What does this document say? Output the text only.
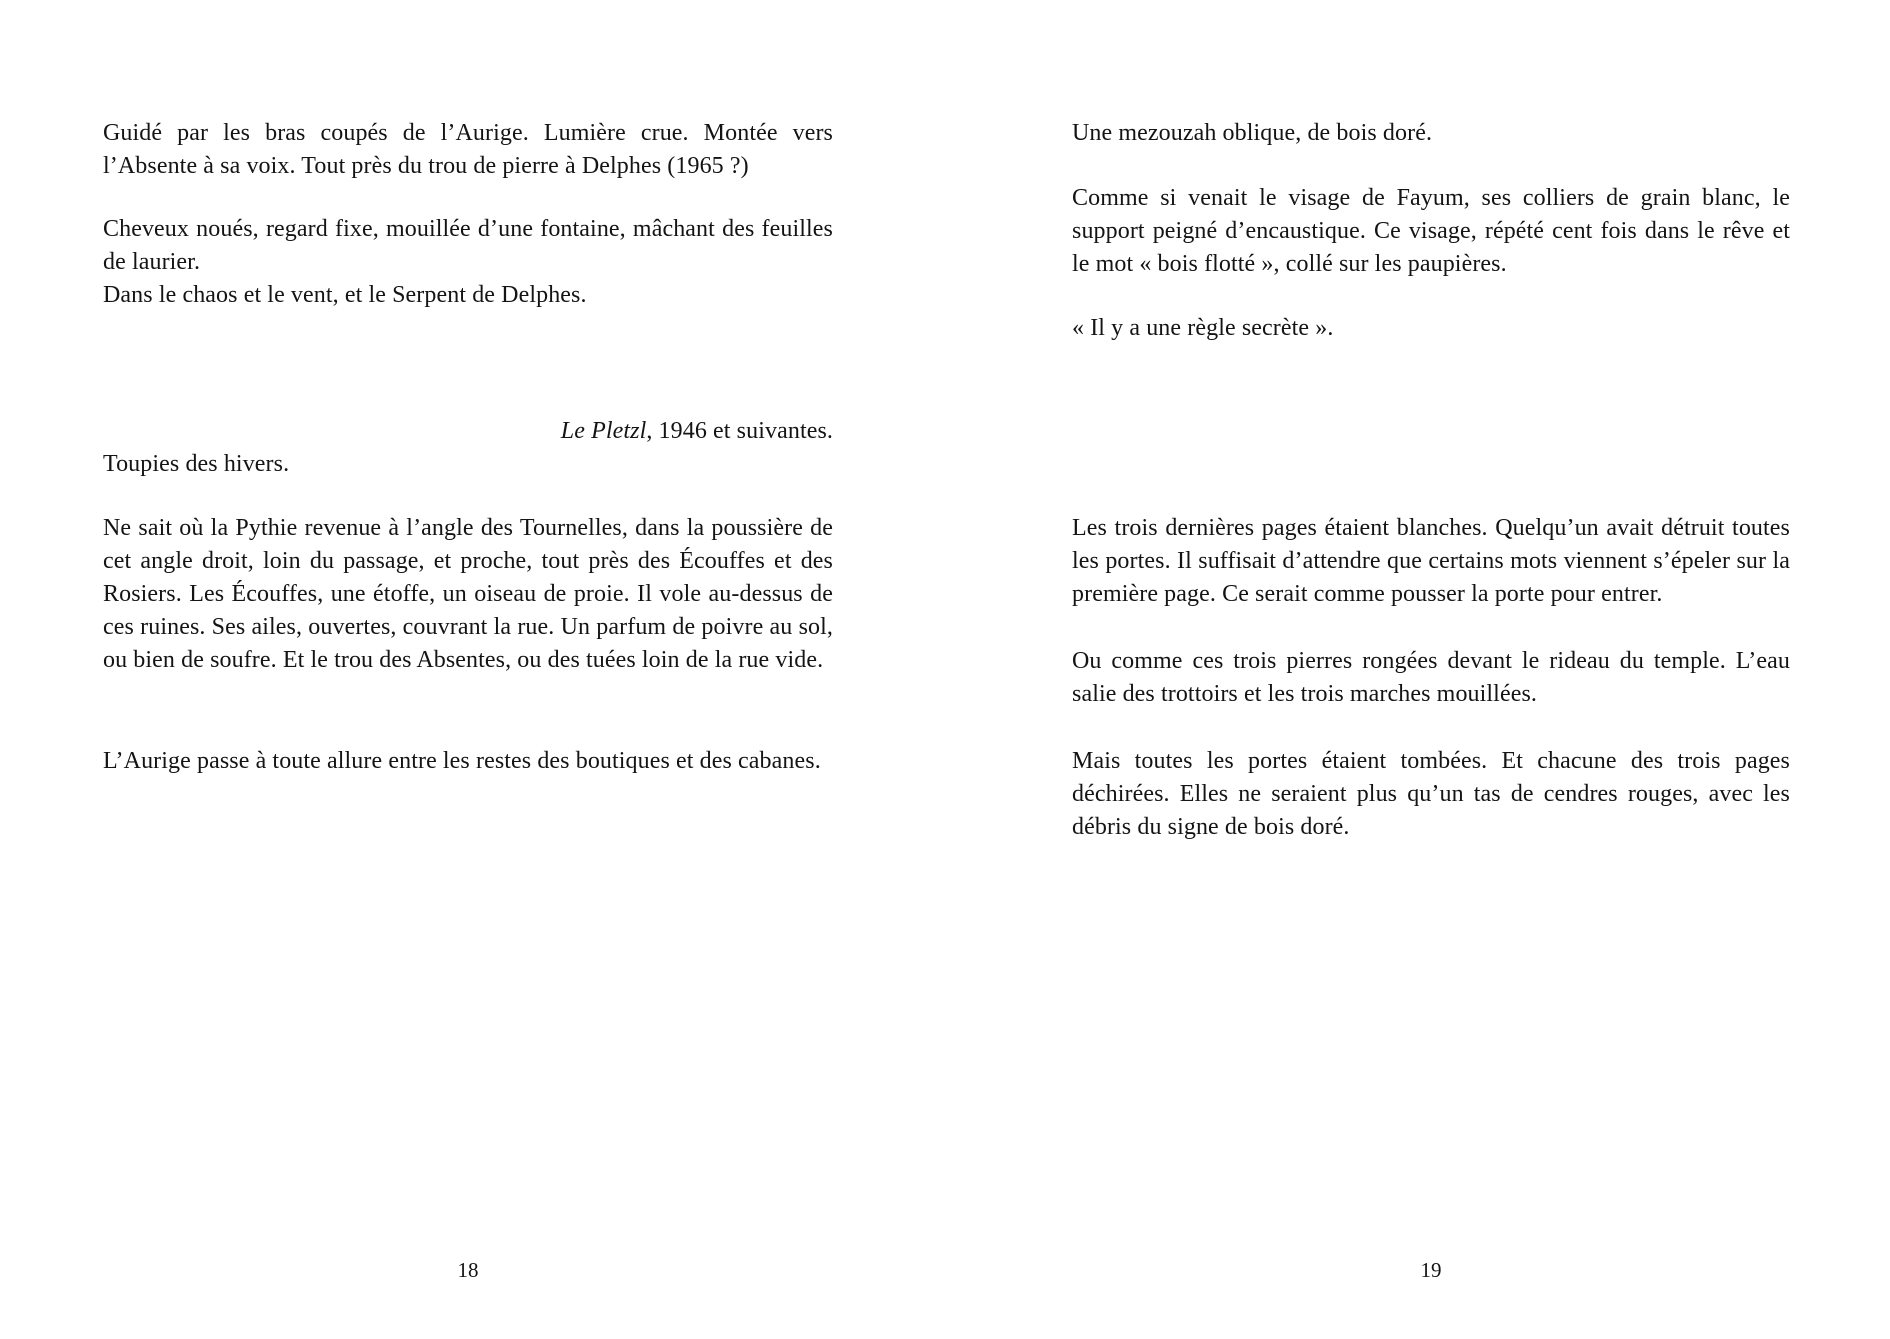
Guidé par les bras coupés de l’Aurige. Lumière crue. Montée vers l’Absente à sa voix. Tout près du trou de pierre à Delphes (1965 ?)
Cheveux noués, regard fixe, mouillée d’une fontaine, mâchant des feuilles de laurier.
Dans le chaos et le vent, et le Serpent de Delphes.
Le Pletzl, 1946 et suivantes.
Toupies des hivers.
Ne sait où la Pythie revenue à l’angle des Tournelles, dans la poussière de cet angle droit, loin du passage, et proche, tout près des Écouffes et des Rosiers. Les Écouffes, une étoffe, un oiseau de proie. Il vole au-dessus de ces ruines. Ses ailes, ouvertes, couvrant la rue. Un parfum de poivre au sol, ou bien de soufre. Et le trou des Absentes, ou des tuées loin de la rue vide.
L’Aurige passe à toute allure entre les restes des boutiques et des cabanes.
18
Une mezouzah oblique, de bois doré.
Comme si venait le visage de Fayum, ses colliers de grain blanc, le support peigné d’encaustique. Ce visage, répété cent fois dans le rêve et le mot « bois flotté », collé sur les paupières.
« Il y a une règle secrète ».
Les trois dernières pages étaient blanches. Quelqu’un avait détruit toutes les portes. Il suffisait d’attendre que certains mots viennent s’épeler sur la première page. Ce serait comme pousser la porte pour entrer.
Ou comme ces trois pierres rongées devant le rideau du temple. L’eau salie des trottoirs et les trois marches mouillées.
Mais toutes les portes étaient tombées. Et chacune des trois pages déchirées. Elles ne seraient plus qu’un tas de cendres rouges, avec les débris du signe de bois doré.
19
